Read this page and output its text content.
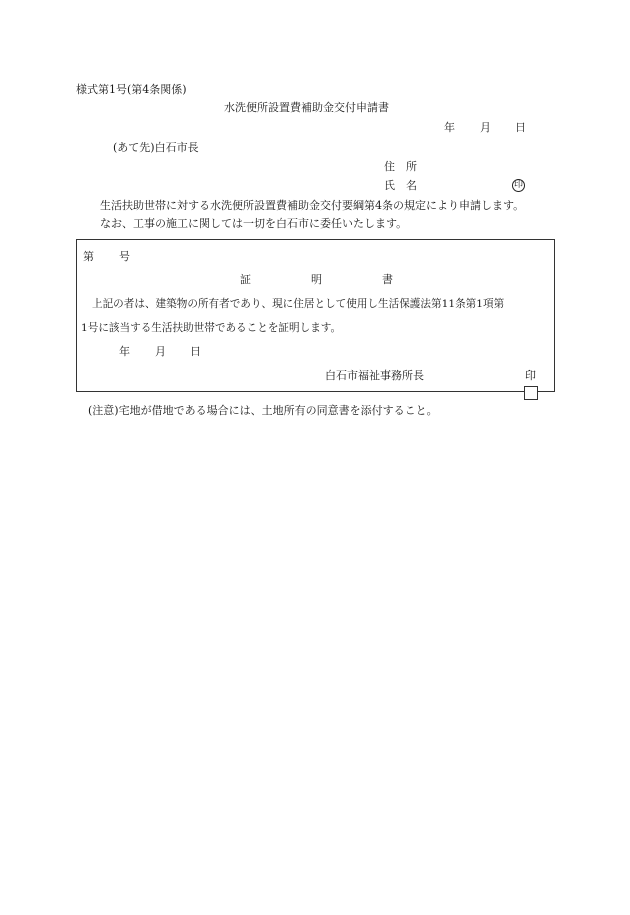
様式第1号(第4条関係)
水洗便所設置費補助金交付申請書
年 月 日
(あて先)白石市長
住　所
氏　名	印
生活扶助世帯に対する水洗便所設置費補助金交付要綱第4条の規定により申請します。
なお、工事の施工に関しては一切を白石市に委任いたします。
第 号
証	明	書
上記の者は、建築物の所有者であり、現に住居として使用し生活保護法第11条第1項第
1号に該当する生活扶助世帯であることを証明します。
年 月 日
白石市福祉事務所長	印
(注意)宅地が借地である場合には、土地所有の同意書を添付すること。
